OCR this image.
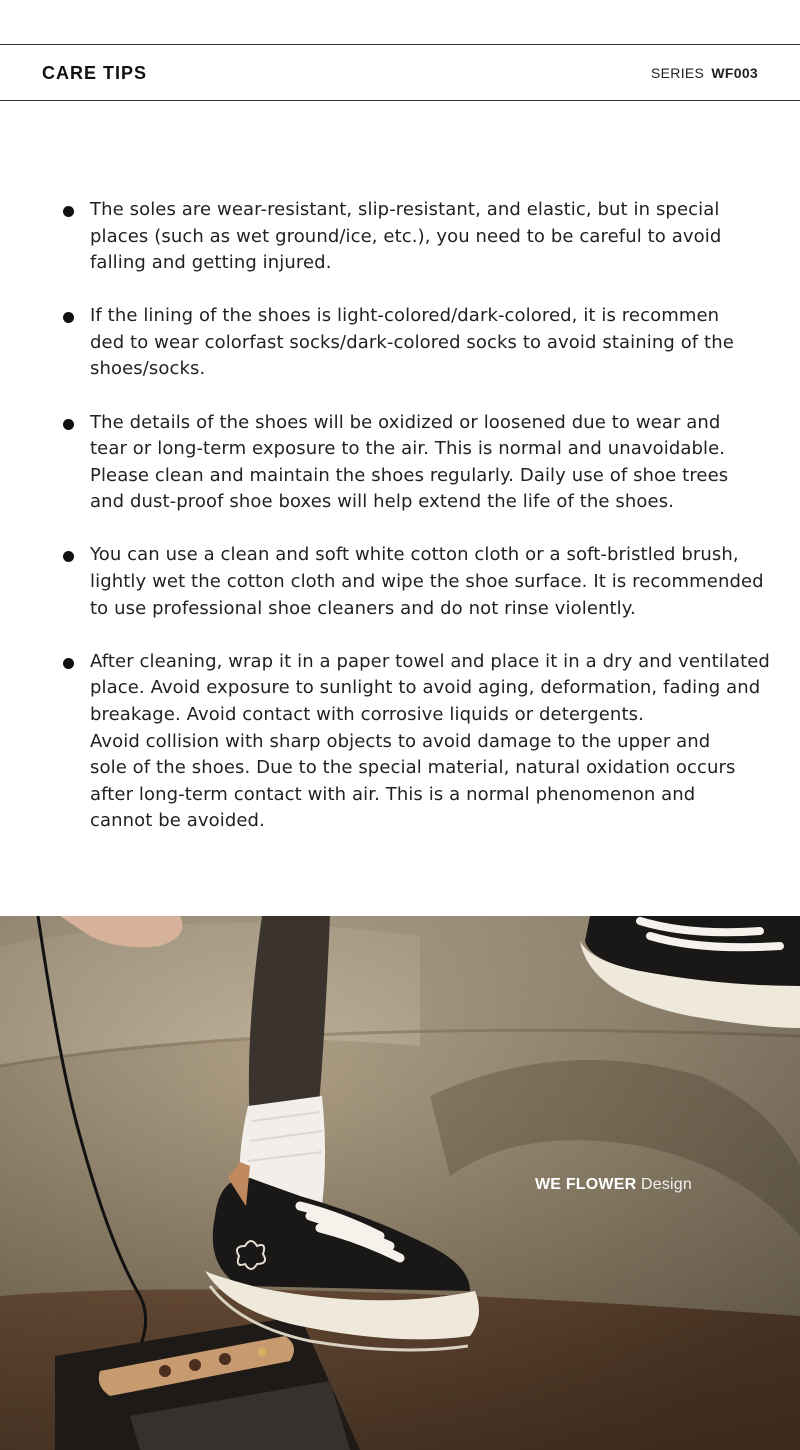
CARE TIPS	SERIES WF003
The soles are wear-resistant, slip-resistant, and elastic, but in special
places (such as wet ground/ice, etc.), you need to be careful to avoid
falling and getting injured.
If the lining of the shoes is light-colored/dark-colored, it is recommen
ded to wear colorfast socks/dark-colored socks to avoid staining of the
shoes/socks.
The details of the shoes will be oxidized or loosened due to wear and
tear or long-term exposure to the air. This is normal and unavoidable.
Please clean and maintain the shoes regularly. Daily use of shoe trees
and dust-proof shoe boxes will help extend the life of the shoes.
You can use a clean and soft white cotton cloth or a soft-bristled brush,
lightly wet the cotton cloth and wipe the shoe surface. It is recommended
to use professional shoe cleaners and do not rinse violently.
After cleaning, wrap it in a paper towel and place it in a dry and ventilated
place. Avoid exposure to sunlight to avoid aging, deformation, fading and
breakage. Avoid contact with corrosive liquids or detergents.
Avoid collision with sharp objects to avoid damage to the upper and
sole of the shoes. Due to the special material, natural oxidation occurs
after long-term contact with air. This is a normal phenomenon and
cannot be avoided.
WE FLOWER Design
